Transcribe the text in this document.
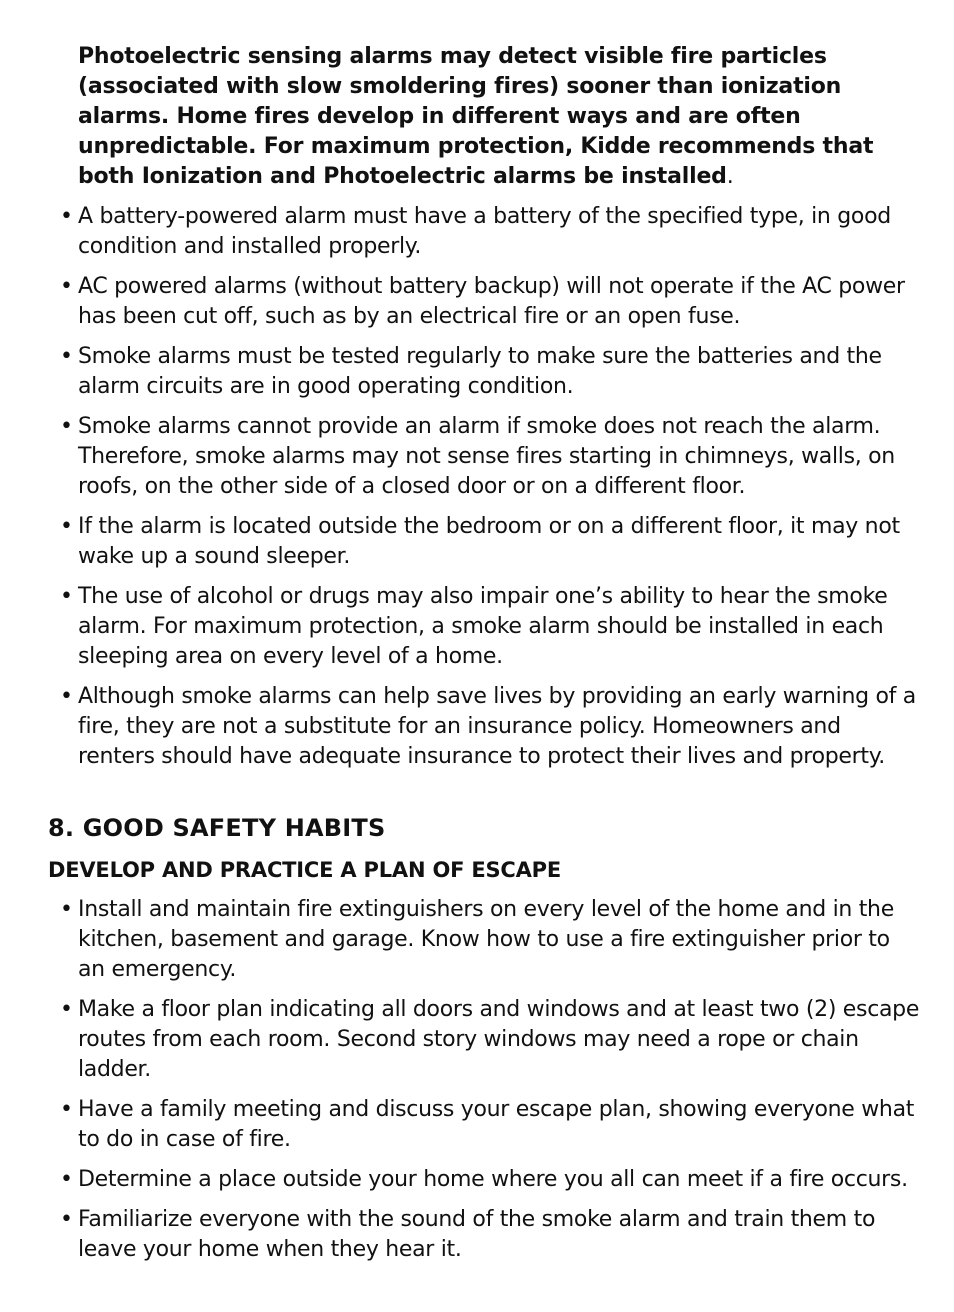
Photoelectric sensing alarms may detect visible fire particles (associated with slow smoldering fires) sooner than ionization alarms. Home fires develop in different ways and are often unpredictable. For maximum protection, Kidde recommends that both Ionization and Photoelectric alarms be installed.

• A battery-powered alarm must have a battery of the specified type, in good condition and installed properly.
• AC powered alarms (without battery backup) will not operate if the AC power has been cut off, such as by an electrical fire or an open fuse.
• Smoke alarms must be tested regularly to make sure the batteries and the alarm circuits are in good operating condition.
• Smoke alarms cannot provide an alarm if smoke does not reach the alarm. Therefore, smoke alarms may not sense fires starting in chimneys, walls, on roofs, on the other side of a closed door or on a different floor.
• If the alarm is located outside the bedroom or on a different floor, it may not wake up a sound sleeper.
• The use of alcohol or drugs may also impair one’s ability to hear the smoke alarm. For maximum protection, a smoke alarm should be installed in each sleeping area on every level of a home.
• Although smoke alarms can help save lives by providing an early warning of a fire, they are not a substitute for an insurance policy. Homeowners and renters should have adequate insurance to protect their lives and property.
8. GOOD SAFETY HABITS
DEVELOP AND PRACTICE A PLAN OF ESCAPE
• Install and maintain fire extinguishers on every level of the home and in the kitchen, basement and garage. Know how to use a fire extinguisher prior to an emergency.
• Make a floor plan indicating all doors and windows and at least two (2) escape routes from each room. Second story windows may need a rope or chain ladder.
• Have a family meeting and discuss your escape plan, showing everyone what to do in case of fire.
• Determine a place outside your home where you all can meet if a fire occurs.
• Familiarize everyone with the sound of the smoke alarm and train them to leave your home when they hear it.
